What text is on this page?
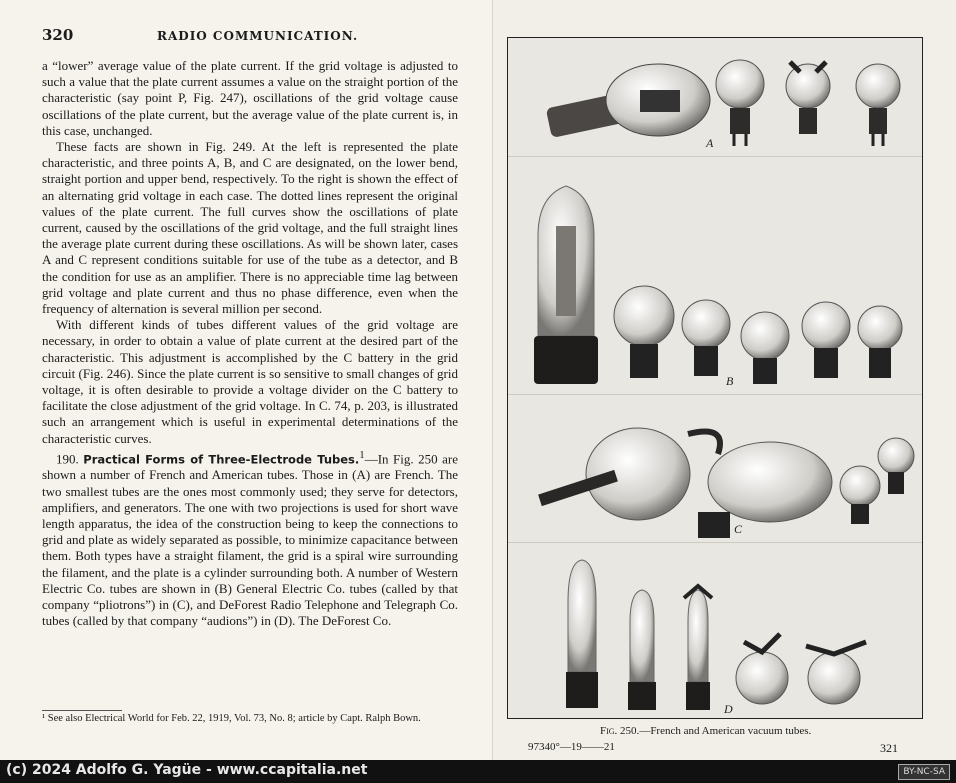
320	RADIO COMMUNICATION.

a “lower” average value of the plate current. If the grid voltage is adjusted to such a value that the plate current assumes a value on the straight portion of the characteristic (say point P, Fig. 247), oscillations of the grid voltage cause oscillations of the plate current, but the average value of the plate current is, in this case, unchanged.

These facts are shown in Fig. 249. At the left is represented the plate characteristic, and three points A, B, and C are designated, on the lower bend, straight portion and upper bend, respectively. To the right is shown the effect of an alternating grid voltage in each case. The dotted lines represent the original values of the plate current. The full curves show the oscillations of plate current, caused by the oscillations of the grid voltage, and the full straight lines the average plate current during these oscillations. As will be shown later, cases A and C represent conditions suitable for use of the tube as a detector, and B the condition for use as an amplifier. There is no appreciable time lag between grid voltage and plate current and thus no phase difference, even when the frequency of alternation is several million per second.

With different kinds of tubes different values of the grid voltage are necessary, in order to obtain a value of plate current at the desired part of the characteristic. This adjustment is accomplished by the C battery in the grid circuit (Fig. 246). Since the plate current is so sensitive to small changes of grid voltage, it is often desirable to provide a voltage divider on the C battery to facilitate the close adjustment of the grid voltage. In C. 74, p. 203, is illustrated such an arrangement which is useful in experimental determinations of the characteristic curves.

190. Practical Forms of Three-Electrode Tubes.$^1$—In Fig. 250 are shown a number of French and American tubes. Those in (A) are French. The two smallest tubes are the ones most commonly used; they serve for detectors, amplifiers, and generators. The one with two projections is used for short wave length apparatus, the idea of the construction being to keep the connections to grid and plate as widely separated as possible, to minimize capacitance between them. Both types have a straight filament, the grid is a spiral wire surrounding the filament, and the plate is a cylinder surrounding both. A number of Western Electric Co. tubes are shown in (B) General Electric Co. tubes (called by that company “pliotrons”) in (C), and DeForest Radio Telephone and Telegraph Co. tubes (called by that company “audions”) in (D). The DeForest Co.

¹ See also Electrical World for Feb. 22, 1919, Vol. 73, No. 8; article by Capt. Ralph Bown.
A
B
C
D
Fig. 250.—French and American vacuum tubes.
97340°—19——21	321
(c) 2024 Adolfo G. Yagüe - www.ccapitalia.net	BY-NC-SA
